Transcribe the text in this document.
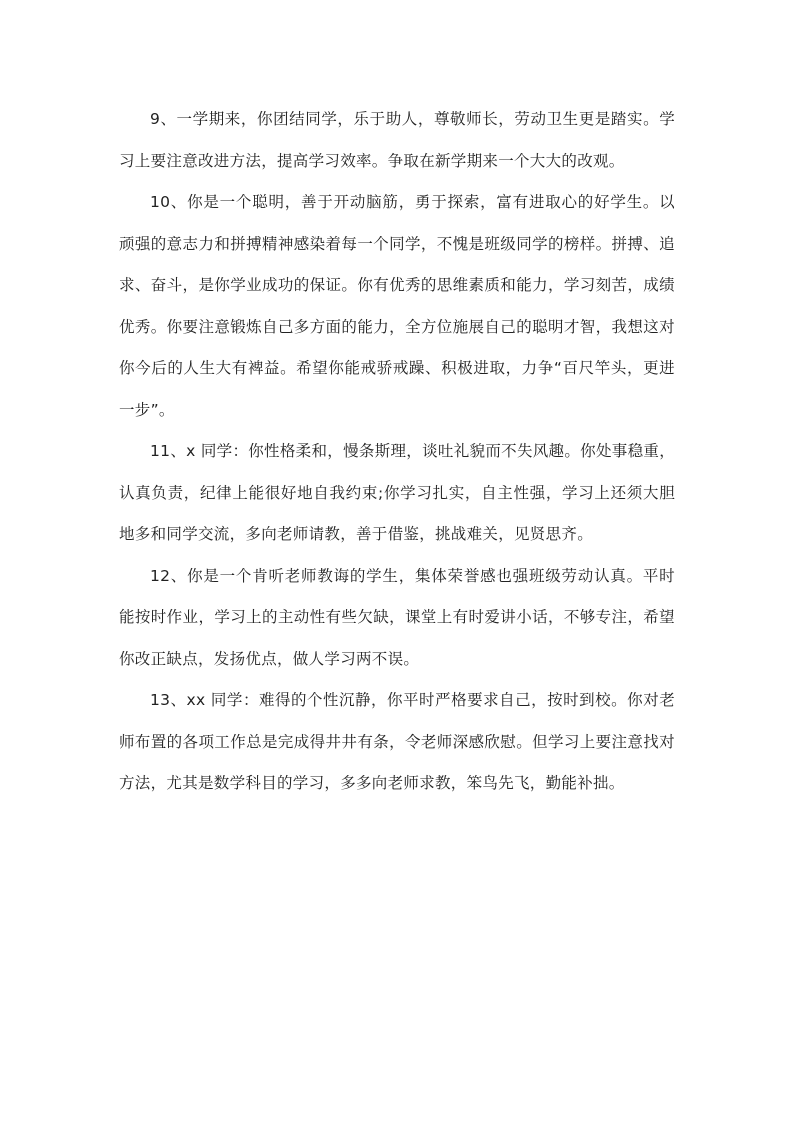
9、一学期来，你团结同学，乐于助人，尊敬师长，劳动卫生更是踏实。学习上要注意改进方法，提高学习效率。争取在新学期来一个大大的改观。

10、你是一个聪明，善于开动脑筋，勇于探索，富有进取心的好学生。以顽强的意志力和拼搏精神感染着每一个同学，不愧是班级同学的榜样。拼搏、追求、奋斗，是你学业成功的保证。你有优秀的思维素质和能力，学习刻苦，成绩优秀。你要注意锻炼自己多方面的能力，全方位施展自己的聪明才智，我想这对你今后的人生大有裨益。希望你能戒骄戒躁、积极进取，力争“百尺竿头，更进一步”。

11、x 同学：你性格柔和，慢条斯理，谈吐礼貌而不失风趣。你处事稳重，认真负责，纪律上能很好地自我约束;你学习扎实，自主性强，学习上还须大胆地多和同学交流，多向老师请教，善于借鉴，挑战难关，见贤思齐。

12、你是一个肯听老师教诲的学生，集体荣誉感也强班级劳动认真。平时能按时作业，学习上的主动性有些欠缺，课堂上有时爱讲小话，不够专注，希望你改正缺点，发扬优点，做人学习两不误。

13、xx 同学：难得的个性沉静，你平时严格要求自己，按时到校。你对老师布置的各项工作总是完成得井井有条，令老师深感欣慰。但学习上要注意找对方法，尤其是数学科目的学习，多多向老师求教，笨鸟先飞，勤能补拙。
